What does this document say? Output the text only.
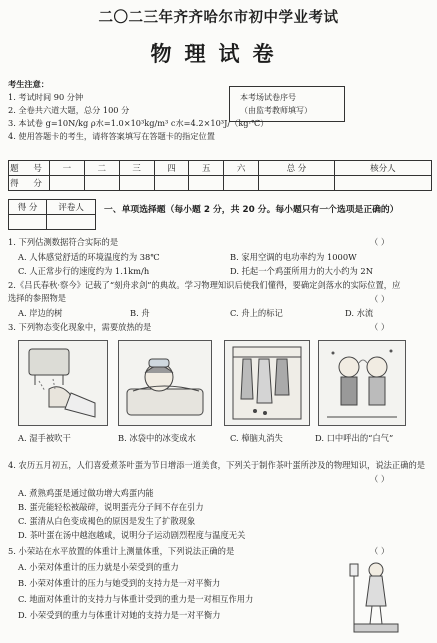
二〇二三年齐齐哈尔市初中学业考试
物理试卷
考生注意：
1. 考试时间 90 分钟
2. 全卷共六道大题，总分 100 分
3. 本试卷 g=10N/kg ρ水=1.0×10³kg/m³ c水=4.2×10³J/（kg·℃）
4. 使用答题卡的考生，请将答案填写在答题卡的指定位置
本考场试卷序号
（由监考教师填写）
题 号	一	二	三	四	五	六	总 分	核分人
得 分								
得 分	评卷人
	一、单项选择题（每小题 2 分，共 20 分。每小题只有一个选项是正确的）
1. 下列估测数据符合实际的是	（ ）
A. 人体感觉舒适的环境温度约为 38℃	B. 家用空调的电功率约为 1000W
C. 人正常步行的速度约为 1.1km/h	D. 托起一个鸡蛋所用力的大小约为 2N
2.《吕氏春秋·察今》记载了“刻舟求剑”的典故。学习物理知识后使我们懂得，要确定剑落水的实际位置，应选择的参照物是	（ ）
A. 岸边的树	B. 舟	C. 舟上的标记	D. 水流
3. 下列物态变化现象中，需要放热的是	（ ）
A. 湿手被吹干	B. 冰袋中的冰变成水	C. 樟脑丸消失	D. 口中呼出的“白气”
4. 农历五月初五，人们喜爱煮茶叶蛋为节日增添一道美食，下列关于制作茶叶蛋所涉及的物理知识，说法正确的是
（ ）
A. 煮熟鸡蛋是通过做功增大鸡蛋内能
B. 蛋壳能轻松被敲碎，说明蛋壳分子间不存在引力
C. 蛋清从白色变成褐色的原因是发生了扩散现象
D. 茶叶蛋在汤中越泡越咸，说明分子运动剧烈程度与温度无关
5. 小荣站在水平放置的体重计上测量体重，下列说法正确的是	（ ）
A. 小荣对体重计的压力就是小荣受到的重力
B. 小荣对体重计的压力与她受到的支持力是一对平衡力
C. 地面对体重计的支持力与体重计受到的重力是一对相互作用力
D. 小荣受到的重力与体重计对她的支持力是一对平衡力
